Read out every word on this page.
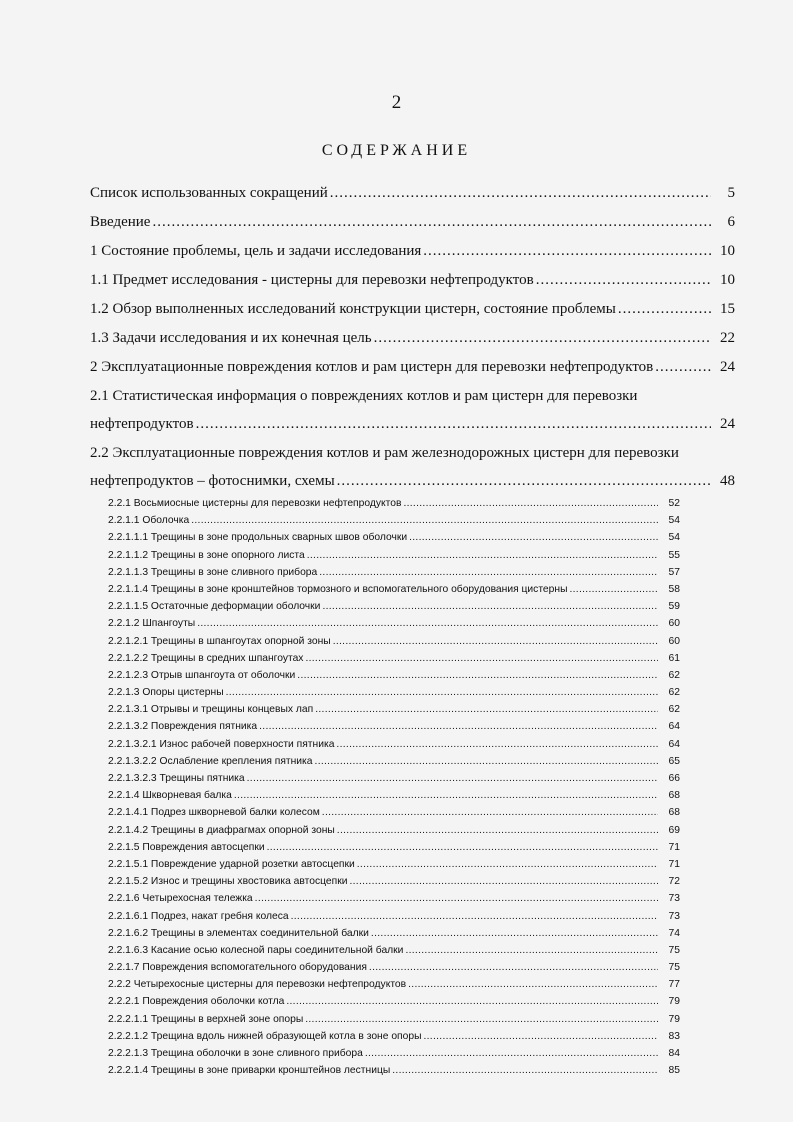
2
СОДЕРЖАНИЕ
Список использованных сокращений .....	5
Введение .....	6
1 Состояние проблемы, цель и задачи исследования .....	10
1.1 Предмет исследования - цистерны для перевозки нефтепродуктов .....	10
1.2 Обзор выполненных исследований конструкции цистерн, состояние проблемы .....	15
1.3 Задачи исследования и их конечная цель .....	22
2 Эксплуатационные повреждения котлов и рам цистерн для перевозки нефтепродуктов .....	24
2.1 Статистическая информация о повреждениях котлов и рам цистерн для перевозки
нефтепродуктов .....	24
2.2 Эксплуатационные повреждения котлов и рам железнодорожных цистерн для перевозки
нефтепродуктов – фотоснимки, схемы .....	48
2.2.1 Восьмиосные цистерны для перевозки нефтепродуктов .....	52
2.2.1.1 Оболочка .....	54
2.2.1.1.1 Трещины в зоне продольных сварных швов оболочки .....	54
2.2.1.1.2 Трещины в зоне опорного листа .....	55
2.2.1.1.3 Трещины в зоне сливного прибора .....	57
2.2.1.1.4 Трещины в зоне кронштейнов тормозного и вспомогательного оборудования цистерны .....	58
2.2.1.1.5 Остаточные деформации оболочки .....	59
2.2.1.2 Шпангоуты .....	60
2.2.1.2.1 Трещины в шпангоутах опорной зоны .....	60
2.2.1.2.2 Трещины в средних шпангоутах .....	61
2.2.1.2.3 Отрыв шпангоута от оболочки .....	62
2.2.1.3 Опоры цистерны .....	62
2.2.1.3.1 Отрывы и трещины концевых лап .....	62
2.2.1.3.2 Повреждения пятника .....	64
2.2.1.3.2.1 Износ рабочей поверхности пятника .....	64
2.2.1.3.2.2 Ослабление крепления пятника .....	65
2.2.1.3.2.3 Трещины пятника .....	66
2.2.1.4 Шкворневая балка .....	68
2.2.1.4.1 Подрез шкворневой балки колесом .....	68
2.2.1.4.2 Трещины в диафрагмах опорной зоны .....	69
2.2.1.5 Повреждения автосцепки .....	71
2.2.1.5.1 Повреждение ударной розетки автосцепки .....	71
2.2.1.5.2 Износ и трещины хвостовика автосцепки .....	72
2.2.1.6 Четырехосная тележка .....	73
2.2.1.6.1 Подрез, накат гребня колеса .....	73
2.2.1.6.2 Трещины в элементах соединительной балки .....	74
2.2.1.6.3 Касание осью колесной пары соединительной балки .....	75
2.2.1.7 Повреждения вспомогательного оборудования .....	75
2.2.2 Четырехосные цистерны для перевозки нефтепродуктов .....	77
2.2.2.1 Повреждения оболочки котла .....	79
2.2.2.1.1 Трещины в верхней зоне опоры .....	79
2.2.2.1.2 Трещина вдоль нижней образующей котла в зоне опоры .....	83
2.2.2.1.3 Трещина оболочки в зоне сливного прибора .....	84
2.2.2.1.4 Трещины в зоне приварки кронштейнов лестницы .....	85
